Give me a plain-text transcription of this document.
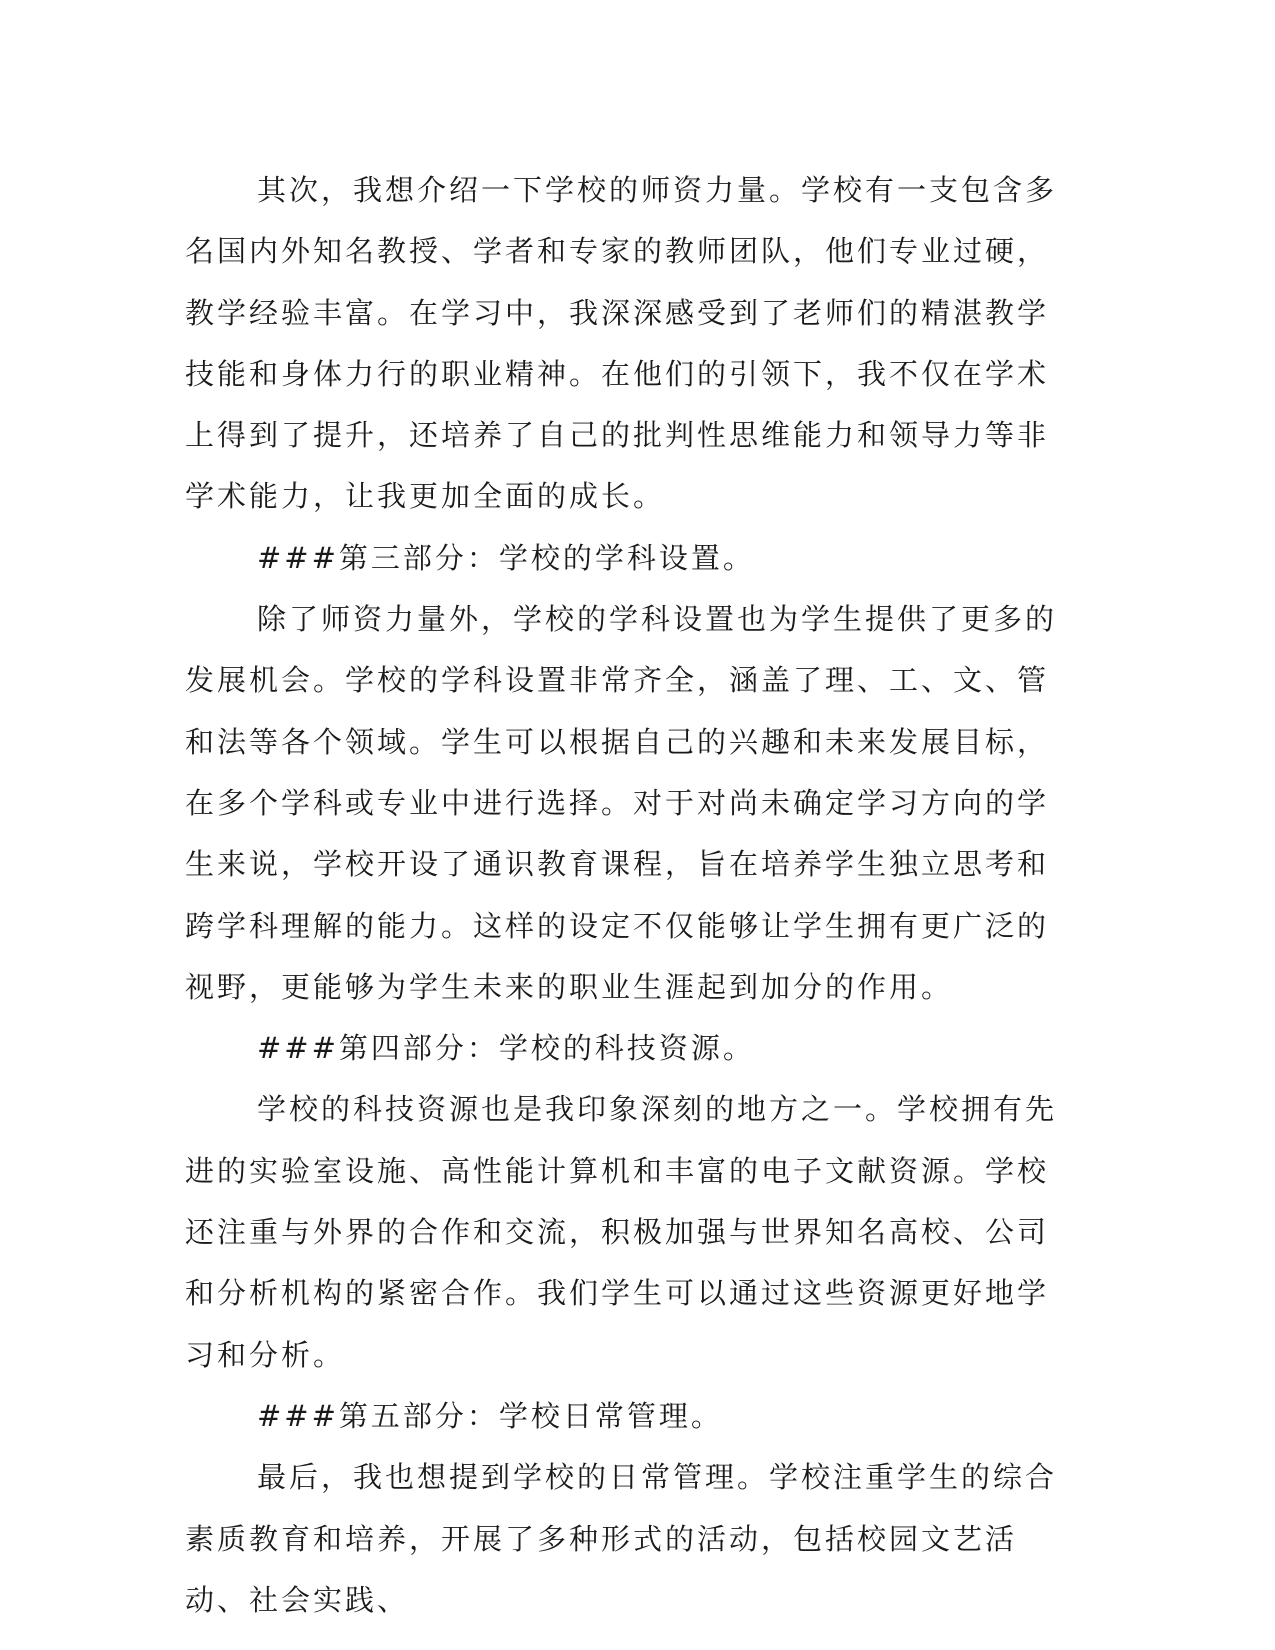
其次，我想介绍一下学校的师资力量。学校有一支包含多名国内外知名教授、学者和专家的教师团队，他们专业过硬，教学经验丰富。在学习中，我深深感受到了老师们的精湛教学技能和身体力行的职业精神。在他们的引领下，我不仅在学术上得到了提升，还培养了自己的批判性思维能力和领导力等非学术能力，让我更加全面的成长。

###第三部分：学校的学科设置。

除了师资力量外，学校的学科设置也为学生提供了更多的发展机会。学校的学科设置非常齐全，涵盖了理、工、文、管和法等各个领域。学生可以根据自己的兴趣和未来发展目标，在多个学科或专业中进行选择。对于对尚未确定学习方向的学生来说，学校开设了通识教育课程，旨在培养学生独立思考和跨学科理解的能力。这样的设定不仅能够让学生拥有更广泛的视野，更能够为学生未来的职业生涯起到加分的作用。

###第四部分：学校的科技资源。

学校的科技资源也是我印象深刻的地方之一。学校拥有先进的实验室设施、高性能计算机和丰富的电子文献资源。学校还注重与外界的合作和交流，积极加强与世界知名高校、公司和分析机构的紧密合作。我们学生可以通过这些资源更好地学习和分析。

###第五部分：学校日常管理。

最后，我也想提到学校的日常管理。学校注重学生的综合素质教育和培养，开展了多种形式的活动，包括校园文艺活动、社会实践、
